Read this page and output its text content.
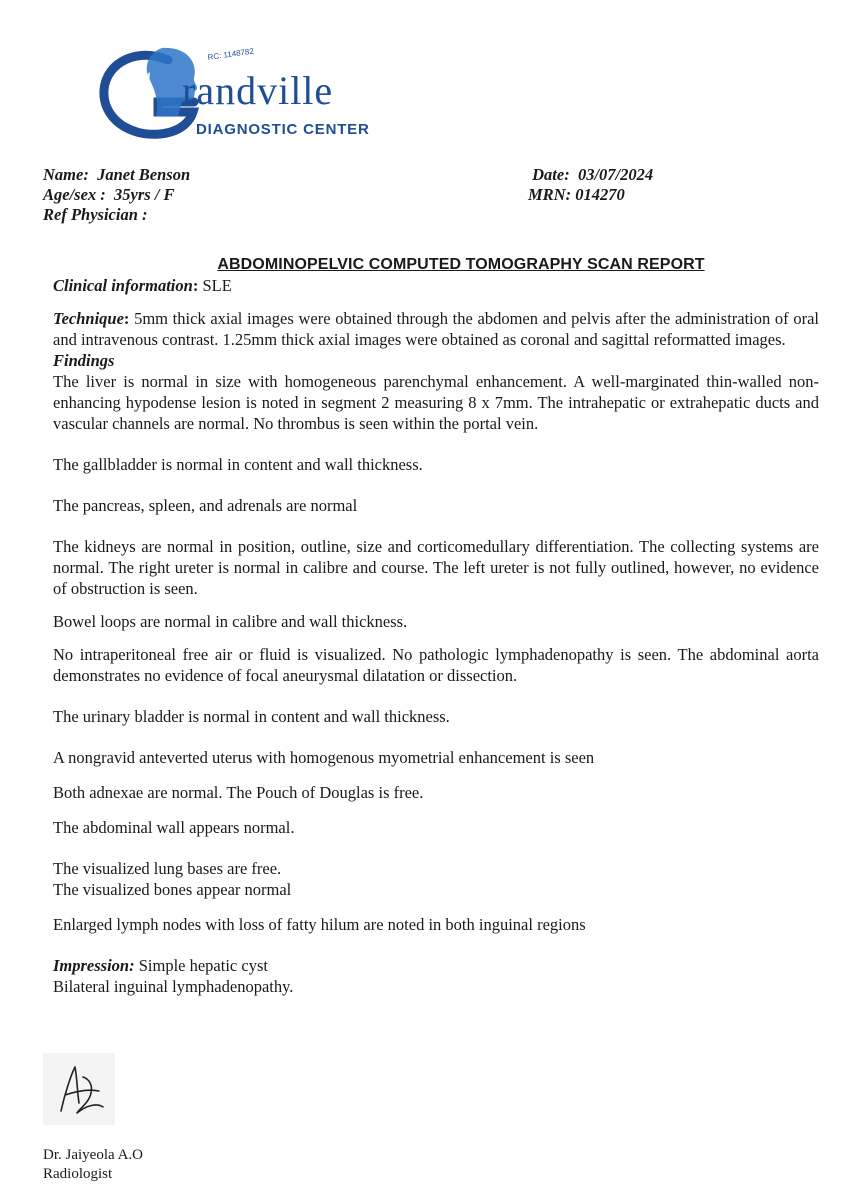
RC: 1148782
randville
DIAGNOSTIC CENTER
Name: Janet Benson
Age/sex : 35yrs / F
Ref Physician :
Date: 03/07/2024
MRN: 014270
ABDOMINOPELVIC COMPUTED TOMOGRAPHY SCAN REPORT

Clinical information: SLE

Technique: 5mm thick axial images were obtained through the abdomen and pelvis after the administration of oral and intravenous contrast. 1.25mm thick axial images were obtained as coronal and sagittal reformatted images.

Findings

The liver is normal in size with homogeneous parenchymal enhancement. A well-marginated thin-walled non-enhancing hypodense lesion is noted in segment 2 measuring 8 x 7mm. The intrahepatic or extrahepatic ducts and vascular channels are normal. No thrombus is seen within the portal vein.

The gallbladder is normal in content and wall thickness.

The pancreas, spleen, and adrenals are normal

The kidneys are normal in position, outline, size and corticomedullary differentiation. The collecting systems are normal. The right ureter is normal in calibre and course. The left ureter is not fully outlined, however, no evidence of obstruction is seen.

Bowel loops are normal in calibre and wall thickness.

No intraperitoneal free air or fluid is visualized. No pathologic lymphadenopathy is seen. The abdominal aorta demonstrates no evidence of focal aneurysmal dilatation or dissection.

The urinary bladder is normal in content and wall thickness.

A nongravid anteverted uterus with homogenous myometrial enhancement is seen

Both adnexae are normal. The Pouch of Douglas is free.

The abdominal wall appears normal.

The visualized lung bases are free.

The visualized bones appear normal

Enlarged lymph nodes with loss of fatty hilum are noted in both inguinal regions

Impression: Simple hepatic cyst

Bilateral inguinal lymphadenopathy.

Dr. Jaiyeola A.O
Radiologist
